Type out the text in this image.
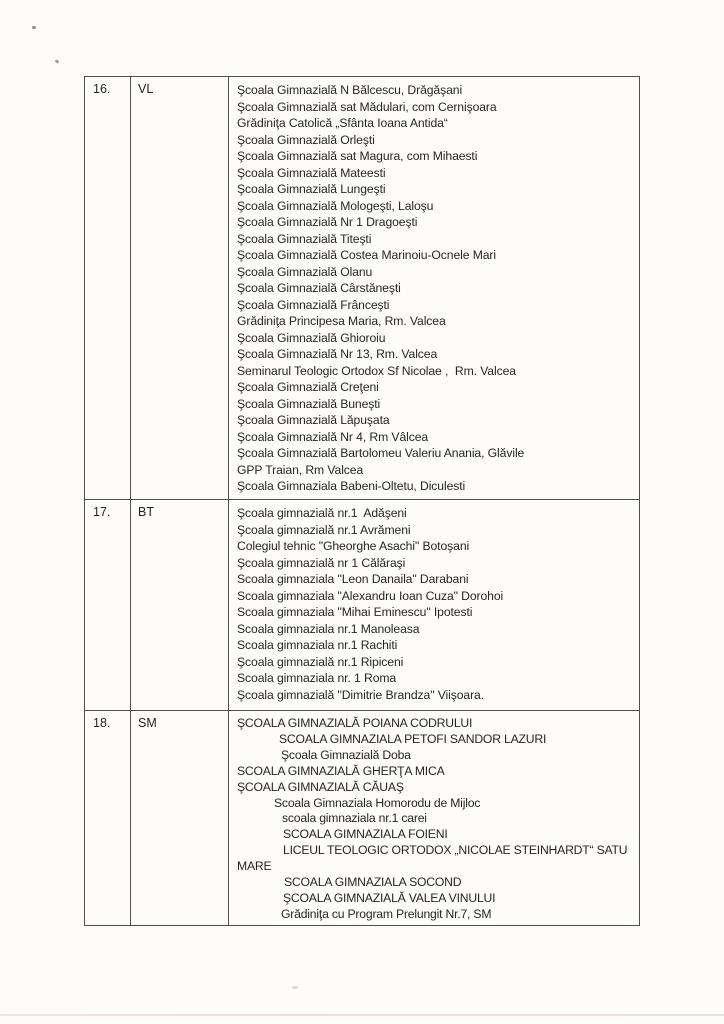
16.	VL	Şcoala Gimnazială N Bălcescu, Drăgăşani
Şcoala Gimnazială sat Mădulari, com Cernişoara
Grădiniţa Catolică „Sfânta Ioana Antida“
Şcoala Gimnazială Orleşti
Şcoala Gimnazială sat Magura, com Mihaesti
Şcoala Gimnazială Mateesti
Şcoala Gimnazială Lungeşti
Şcoala Gimnazială Mologeşti, Laloşu
Şcoala Gimnazială Nr 1 Dragoeşti
Şcoala Gimnazială Titeşti
Şcoala Gimnazială Costea Marinoiu-Ocnele Mari
Şcoala Gimnazială Olanu
Şcoala Gimnazială Cârstăneşti
Şcoala Gimnazială Frânceşti
Grădiniţa Principesa Maria, Rm. Valcea
Şcoala Gimnazială Ghioroiu
Şcoala Gimnazială Nr 13, Rm. Valcea
Seminarul Teologic Ortodox Sf Nicolae ,  Rm. Valcea
Şcoala Gimnazială Creţeni
Şcoala Gimnazială Buneşti
Şcoala Gimnazială Lăpuşata
Şcoala Gimnazială Nr 4, Rm Vâlcea
Şcoala Gimnazială Bartolomeu Valeriu Anania, Glăvile
GPP Traian, Rm Valcea
Şcoala Gimnaziala Babeni-Oltetu, Diculesti
17.	BT	Şcoala gimnazială nr.1  Adăşeni
Şcoala gimnazială nr.1 Avrămeni
Colegiul tehnic "Gheorghe Asachi" Botoşani
Şcoala gimnazială nr 1 Călăraşi
Scoala gimnaziala "Leon Danaila" Darabani
Scoala gimnaziala "Alexandru Ioan Cuza" Dorohoi
Scoala gimnaziala "Mihai Eminescu" Ipotesti
Scoala gimnaziala nr.1 Manoleasa
Scoala gimnaziala nr.1 Rachiti
Şcoala gimnazială nr.1 Ripiceni
Scoala gimnaziala nr. 1 Roma
Şcoala gimnazială "Dimitrie Brandza" Viişoara.
18.	SM	ŞCOALA GIMNAZIALĂ POIANA CODRULUI
SCOALA GIMNAZIALA PETOFI SANDOR LAZURI
Şcoala Gimnazială Doba
SCOALA GIMNAZIALĂ GHERŢA MICA
ŞCOALA GIMNAZIALĂ CĂUAŞ
Scoala Gimnaziala Homorodu de Mijloc
scoala gimnaziala nr.1 carei
SCOALA GIMNAZIALA FOIENI
LICEUL TEOLOGIC ORTODOX „NICOLAE STEINHARDT“ SATU
MARE
SCOALA GIMNAZIALA SOCOND
ŞCOALA GIMNAZIALĂ VALEA VINULUI
Grădiniţa cu Program Prelungit Nr.7, SM
